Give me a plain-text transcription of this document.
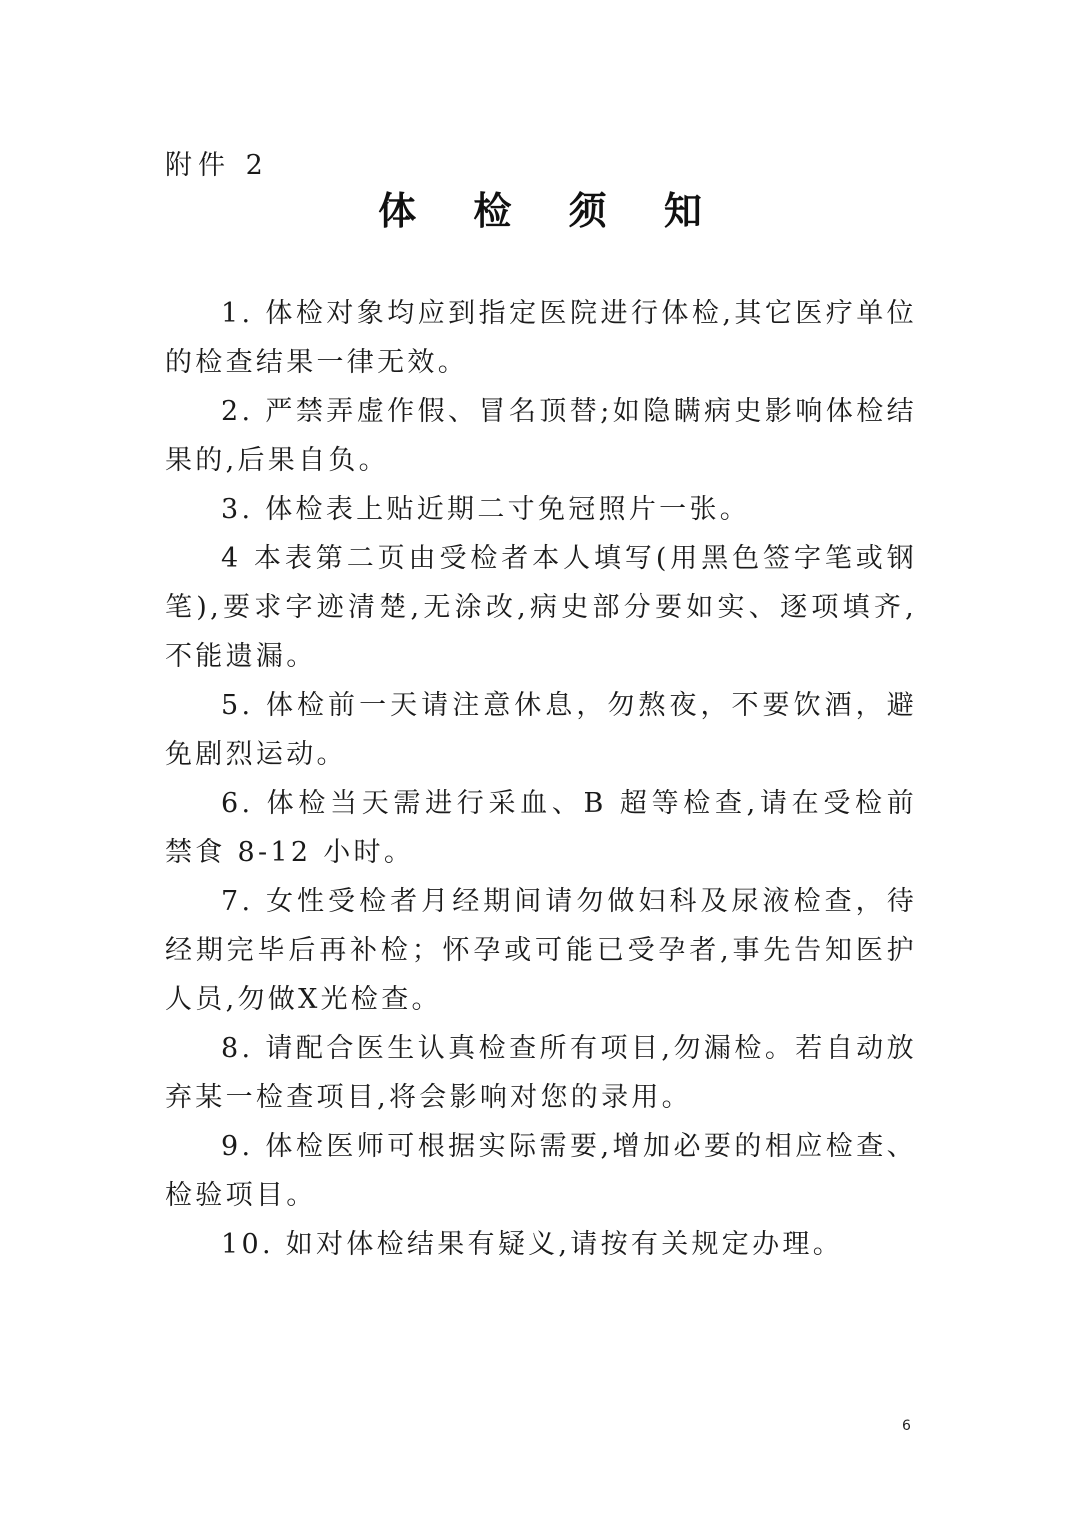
附件 2
体 检 须 知

1. 体检对象均应到指定医院进行体检,其它医疗单位的检查结果一律无效。

2. 严禁弄虚作假、冒名顶替;如隐瞒病史影响体检结果的,后果自负。

3. 体检表上贴近期二寸免冠照片一张。

4 本表第二页由受检者本人填写(用黑色签字笔或钢笔),要求字迹清楚,无涂改,病史部分要如实、逐项填齐,不能遗漏。

5. 体检前一天请注意休息，勿熬夜，不要饮酒，避免剧烈运动。

6. 体检当天需进行采血、B 超等检查,请在受检前禁食 8-12 小时。

7. 女性受检者月经期间请勿做妇科及尿液检查，待经期完毕后再补检；怀孕或可能已受孕者,事先告知医护人员,勿做X光检查。

8. 请配合医生认真检查所有项目,勿漏检。若自动放弃某一检查项目,将会影响对您的录用。

9. 体检医师可根据实际需要,增加必要的相应检查、检验项目。

10. 如对体检结果有疑义,请按有关规定办理。

6
